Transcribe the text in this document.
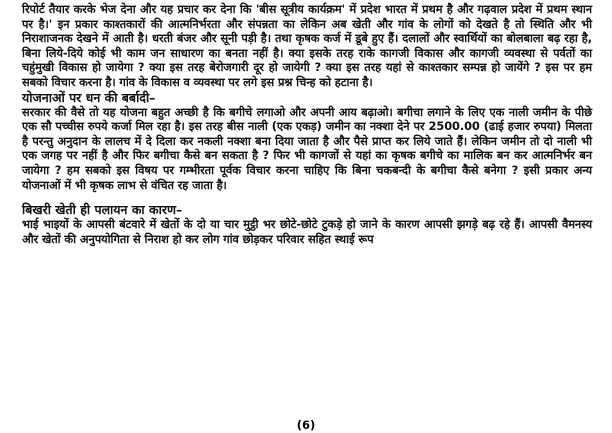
रिपोर्ट तैयार करके भेज देना और यह प्रचार कर देना कि 'बीस सूत्रीय कार्यक्रम' में प्रदेश भारत में प्रथम है और गढ़वाल प्रदेश में प्रथम स्थान पर है।' इन प्रकार काश्तकारों की आत्मनिर्भरता और संपन्नता का लेकिन अब खेती और गांव के लोगों को देखते है तो स्थिति और भी निराशाजनक देखने में आती है। धरती बंजर और सूनी पड़ी है। तथा कृषक कर्ज में डूबे हुए हैं। दलालों और स्वार्थियों का बोलबाला बढ़ रहा है, बिना लिये-दिये कोई भी काम जन साधारण का बनता नहीं है। क्या इसके तरह राके कागजी विकास और कागजी व्यवस्था से पर्वतों का चहुंमुखी विकास हो जायेगा ? क्या इस तरह बेरोजगारी दूर हो जायेगी ? क्या इस तरह यहां से काश्तकार सम्पन्न हो जायेंगे ? इस पर हम सबको विचार करना है। गांव के विकास व व्यवस्था पर लगे इस प्रश्न चिन्ह को हटाना है।

योजनाओं पर धन की बर्बादी–

सरकार की वैसे तो यह योजना बहुत अच्छी है कि बगीचे लगाओ और अपनी आय बढ़ाओ। बगीचा लगाने के लिए एक नाली जमीन के पीछे एक सौ पच्चीस रुपये कर्जा मिल रहा है। इस तरह बीस नाली (एक एकड़) जमीन का नक्शा देने पर 2500.00 (ढाई हजार रुपया) मिलता है परन्तु अनुदान के लालच में दे दिला कर नकली नक्शा बना दिया जाता है और पैसे प्राप्त कर लिये जाते हैं। लेकिन जमीन तो दो नाली भी एक जगह पर नहीं है और फिर बगीचा कैसे बन सकता है ? फिर भी कागजों से यहां का कृषक बगीचे का मालिक बन कर आत्मनिर्भर बन जायेगा ? हम सबको इस विषय पर गम्भीरता पूर्वक विचार करना चाहिए कि बिना चकबन्दी के बगीचा कैसे बनेगा ? इसी प्रकार अन्य योजनाओं में भी कृषक लाभ से वंचित रह जाता है।

बिखरी खेती ही पलायन का कारण–

भाई भाइयों के आपसी बंटवारे में खेतों के दो या चार मुट्ठी भर छोटे-छोटे टुकड़े हो जाने के कारण आपसी झगड़े बढ़ रहे हैं। आपसी वैमनस्य और खेतों की अनुपयोगिता से निराश हो कर लोग गांव छोड़कर परिवार सहित स्थाई रूप

(6)
